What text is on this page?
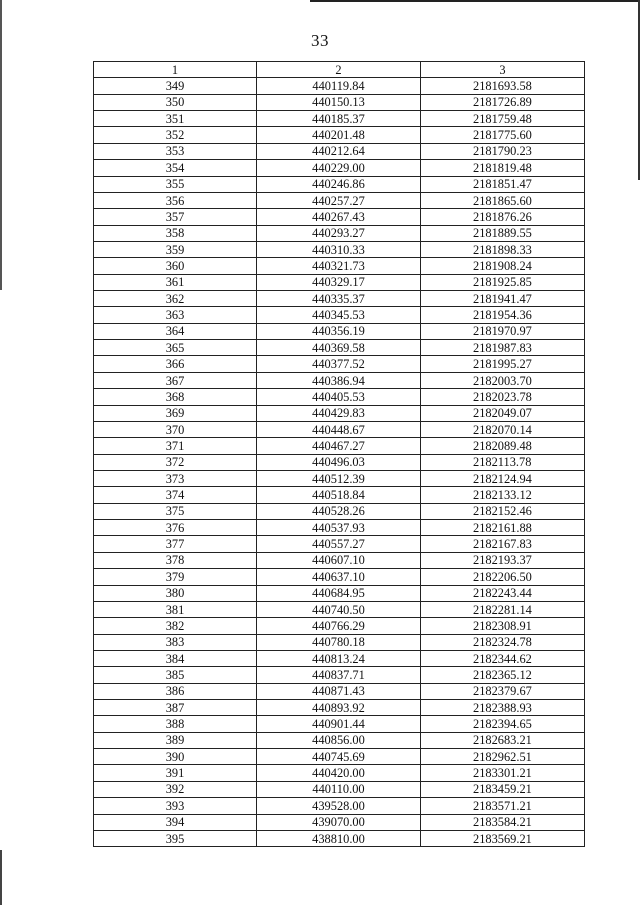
33
1	2	3
349	440119.84	2181693.58
350	440150.13	2181726.89
351	440185.37	2181759.48
352	440201.48	2181775.60
353	440212.64	2181790.23
354	440229.00	2181819.48
355	440246.86	2181851.47
356	440257.27	2181865.60
357	440267.43	2181876.26
358	440293.27	2181889.55
359	440310.33	2181898.33
360	440321.73	2181908.24
361	440329.17	2181925.85
362	440335.37	2181941.47
363	440345.53	2181954.36
364	440356.19	2181970.97
365	440369.58	2181987.83
366	440377.52	2181995.27
367	440386.94	2182003.70
368	440405.53	2182023.78
369	440429.83	2182049.07
370	440448.67	2182070.14
371	440467.27	2182089.48
372	440496.03	2182113.78
373	440512.39	2182124.94
374	440518.84	2182133.12
375	440528.26	2182152.46
376	440537.93	2182161.88
377	440557.27	2182167.83
378	440607.10	2182193.37
379	440637.10	2182206.50
380	440684.95	2182243.44
381	440740.50	2182281.14
382	440766.29	2182308.91
383	440780.18	2182324.78
384	440813.24	2182344.62
385	440837.71	2182365.12
386	440871.43	2182379.67
387	440893.92	2182388.93
388	440901.44	2182394.65
389	440856.00	2182683.21
390	440745.69	2182962.51
391	440420.00	2183301.21
392	440110.00	2183459.21
393	439528.00	2183571.21
394	439070.00	2183584.21
395	438810.00	2183569.21
